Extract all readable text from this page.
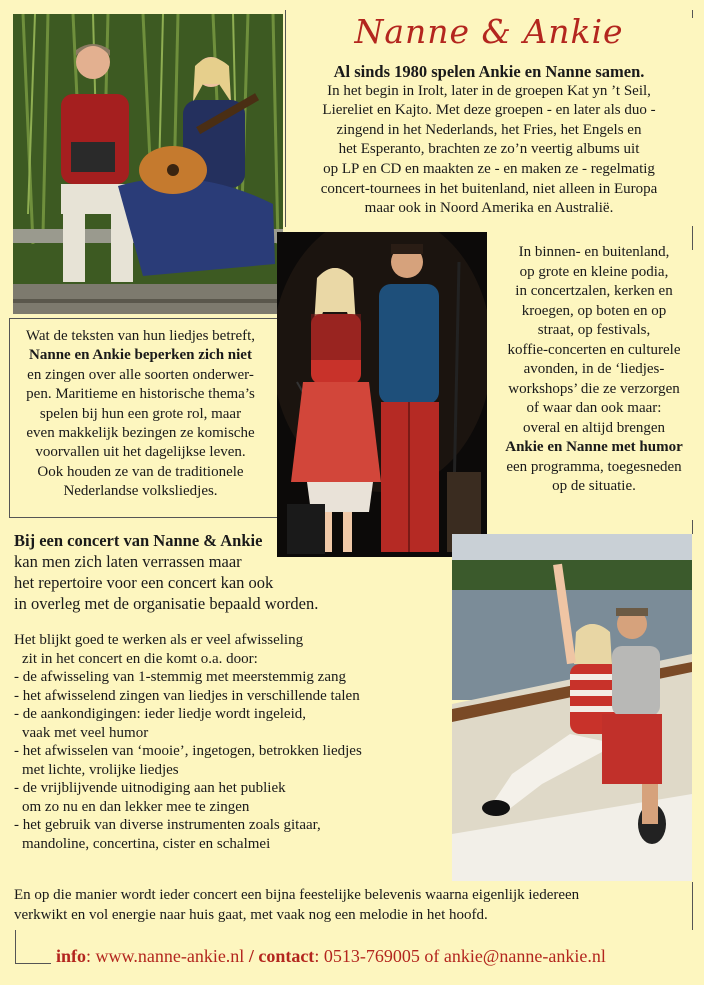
Nanne & Ankie
Al sinds 1980 spelen Ankie en Nanne samen.
In het begin in Irolt, later in de groepen Kat yn ’t Seil,
Liereliet en Kajto. Met deze groepen - en later als duo -
zingend in het Nederlands, het Fries, het Engels en
het Esperanto, brachten ze zo’n veertig albums uit
op LP en CD en maakten ze - en maken ze - regelmatig
concert-tournees in het buitenland, niet alleen in Europa
maar ook in Noord Amerika en Australië.
In binnen- en buitenland,
op grote en kleine podia,
in concertzalen, kerken en
kroegen, op boten en op
straat, op festivals,
koffie-concerten en culturele
avonden, in de ‘liedjes-
workshops’ die ze verzorgen
of waar dan ook maar:
overal en altijd brengen
Ankie en Nanne met humor
een programma, toegesneden
op de situatie.
Wat de teksten van hun liedjes betreft,
Nanne en Ankie beperken zich niet
en zingen over alle soorten onderwer-
pen. Maritieme en historische thema’s
spelen bij hun een grote rol, maar
even makkelijk bezingen ze komische
voorvallen uit het dagelijkse leven.
Ook houden ze van de traditionele
Nederlandse volksliedjes.
Bij een concert van Nanne & Ankie
kan men zich laten verrassen maar
het repertoire voor een concert kan ook
in overleg met de organisatie bepaald worden.
Het blijkt goed te werken als er veel afwisseling
zit in het concert en die komt o.a. door:
- de afwisseling van 1-stemmig met meerstemmig zang
- het afwisselend zingen van liedjes in verschillende talen
- de aankondigingen: ieder liedje wordt ingeleid,
vaak met veel humor
- het afwisselen van ‘mooie’, ingetogen, betrokken liedjes
met lichte, vrolijke liedjes
- de vrijblijvende uitnodiging aan het publiek
om zo nu en dan lekker mee te zingen
- het gebruik van diverse instrumenten zoals gitaar,
mandoline, concertina, cister en schalmei
En op die manier wordt ieder concert een bijna feestelijke belevenis waarna eigenlijk iedereen
verkwikt en vol energie naar huis gaat, met vaak nog een melodie in het hoofd.
info: www.nanne-ankie.nl / contact: 0513-769005 of ankie@nanne-ankie.nl
